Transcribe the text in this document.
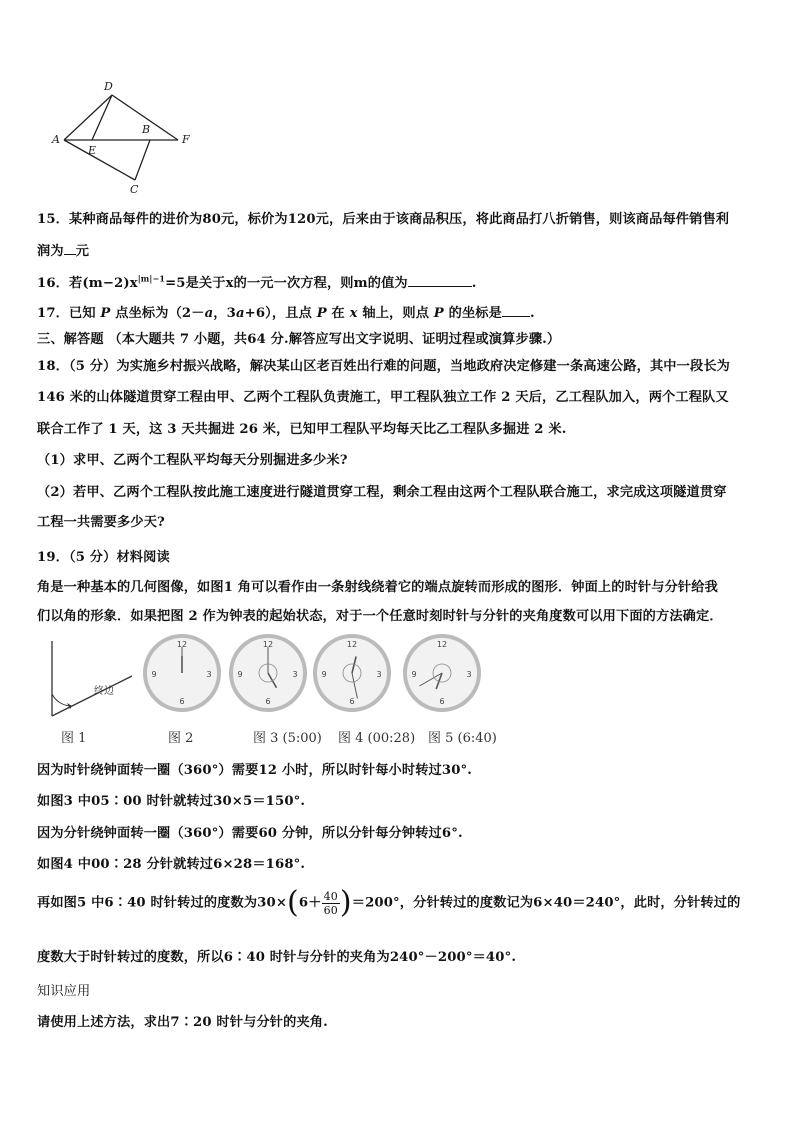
D
A
E
B
F
C
15．某种商品每件的进价为80元，标价为120元，后来由于该商品积压，将此商品打八折销售，则该商品每件销售利
润为 元
16．若$(m-2)x^{|m|-1}=5$是关于x的一元一次方程，则m的值为	.
17．已知 P 点坐标为（2－a，3a+6），且点 P 在 x 轴上，则点 P 的坐标是 .
三、解答题 （本大题共 7 小题，共64 分.解答应写出文字说明、证明过程或演算步骤.）
18．（5 分）为实施乡村振兴战略，解决某山区老百姓出行难的问题，当地政府决定修建一条高速公路，其中一段长为
146 米的山体隧道贯穿工程由甲、乙两个工程队负责施工，甲工程队独立工作 2 天后，乙工程队加入，两个工程队又
联合工作了 1 天，这 3 天共掘进 26 米，已知甲工程队平均每天比乙工程队多掘进 2 米.
（1）求甲、乙两个工程队平均每天分别掘进多少米?
（2）若甲、乙两个工程队按此施工速度进行隧道贯穿工程，剩余工程由这两个工程队联合施工，求完成这项隧道贯穿
工程一共需要多少天?
19．（5 分）材料阅读
角是一种基本的几何图像，如图1 角可以看作由一条射线绕着它的端点旋转而形成的图形．钟面上的时针与分针给我
们以角的形象．如果把图 2 作为钟表的起始状态，对于一个任意时刻时针与分针的夹角度数可以用下面的方法确定．
终边
12
3
6
9
12
3
6
9
12
3
6
9
12
3
6
9
图 1	图 2	图 3 (5:00) 图 4 (00:28) 图 5 (6:40)
因为时针绕钟面转一圈（360°）需要12 小时，所以时针每小时转过30°.
如图3 中05∶00 时针就转过30×5＝150°.
因为分针绕钟面转一圈（360°）需要60 分钟，所以分针每分钟转过6°.
如图4 中00∶28 分针就转过6×28＝168°.
再如图5 中6∶40 时针转过的度数为$30\times(6+ \frac{40}{60} )=200^\circ$，分针转过的度数记为6×40＝240°，此时，分针转过的
度数大于时针转过的度数，所以6∶40 时针与分针的夹角为240°－200°＝40°.
知识应用
请使用上述方法，求出7∶20 时针与分针的夹角.
